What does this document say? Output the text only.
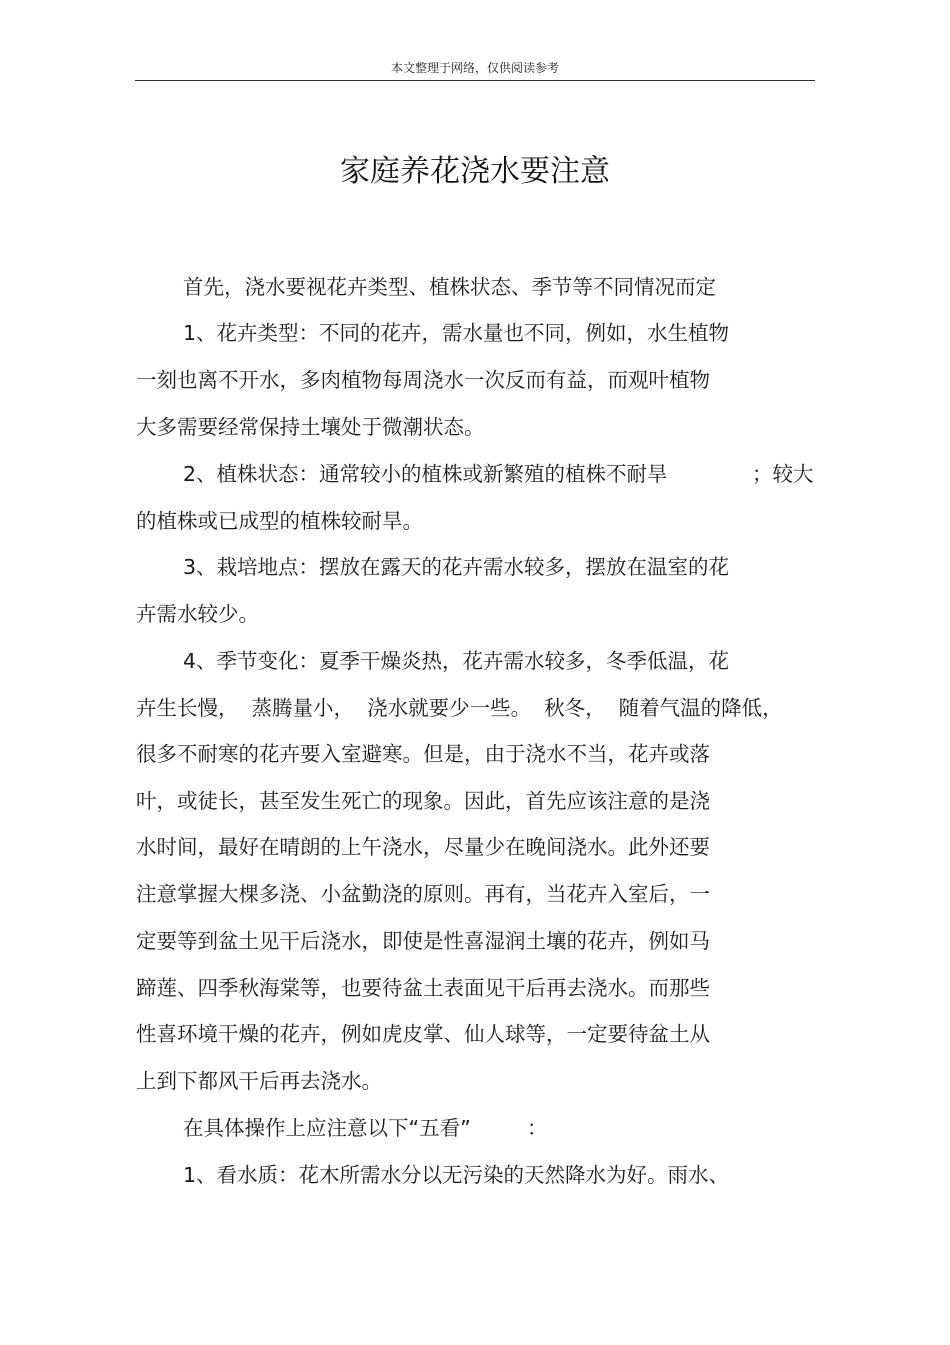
本文整理于网络，仅供阅读参考
家庭养花浇水要注意
首先，浇水要视花卉类型、植株状态、季节等不同情况而定
1、花卉类型：不同的花卉，需水量也不同，例如，水生植物
一刻也离不开水，多肉植物每周浇水一次反而有益，而观叶植物
大多需要经常保持土壤处于微潮状态。
2、植株状态：通常较小的植株或新繁殖的植株不耐旱	；较大
的植株或已成型的植株较耐旱。
3、栽培地点：摆放在露天的花卉需水较多，摆放在温室的花
卉需水较少。
4、季节变化：夏季干燥炎热，花卉需水较多，冬季低温，花
卉生长慢，  蒸腾量小，  浇水就要少一些。  秋冬，  随着气温的降低，
很多不耐寒的花卉要入室避寒。但是，由于浇水不当，花卉或落
叶，或徒长，甚至发生死亡的现象。因此，首先应该注意的是浇
水时间，最好在晴朗的上午浇水，尽量少在晚间浇水。此外还要
注意掌握大棵多浇、小盆勤浇的原则。再有，当花卉入室后，一
定要等到盆土见干后浇水，即使是性喜湿润土壤的花卉，例如马
蹄莲、四季秋海棠等，也要待盆土表面见干后再去浇水。而那些
性喜环境干燥的花卉，例如虎皮掌、仙人球等，一定要待盆土从
上到下都风干后再去浇水。
在具体操作上应注意以下“五看”	：
1、看水质：花木所需水分以无污染的天然降水为好。雨水、
